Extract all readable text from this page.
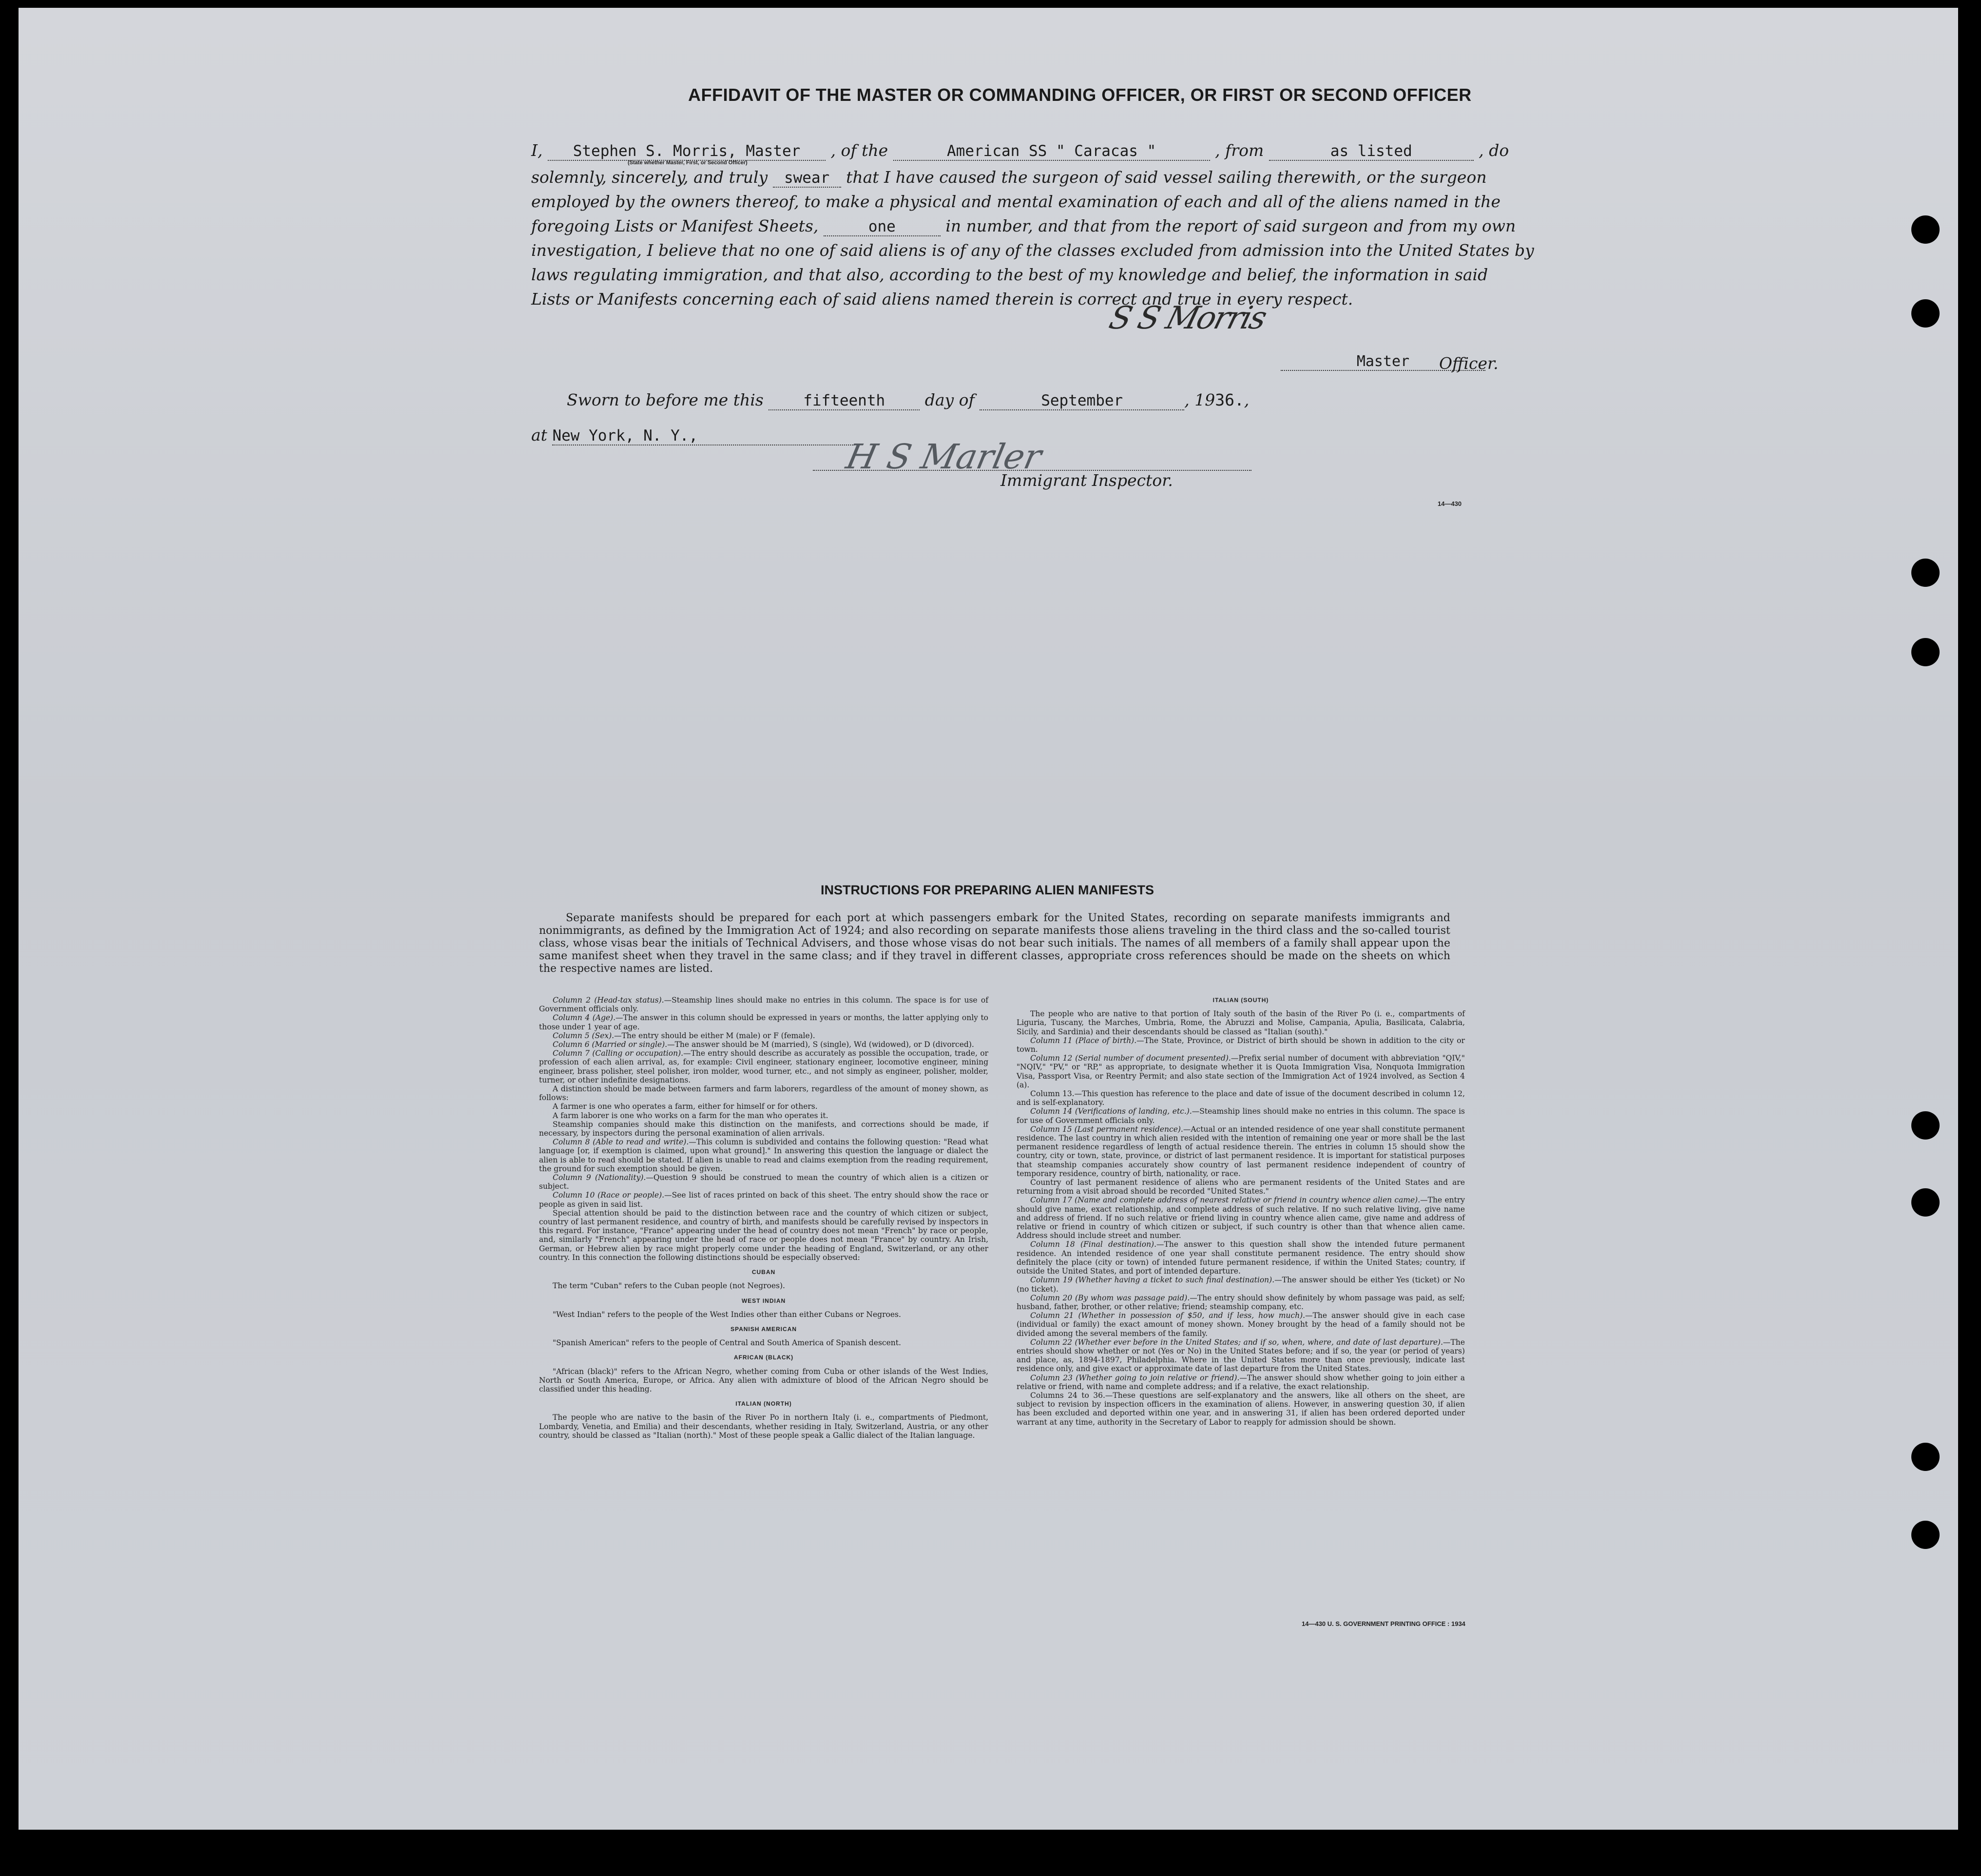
AFFIDAVIT OF THE MASTER OR COMMANDING OFFICER, OR FIRST OR SECOND OFFICER
I, Stephen S. Morris, Master , of the	American SS " Caracas "	, from	as listed	, do
(State whether Master, First, or Second Officer)
solemnly, sincerely, and truly swear that I have caused the surgeon of said vessel sailing therewith, or the surgeon
employed by the owners thereof, to make a physical and mental examination of each and all of the aliens named in the
foregoing Lists or Manifest Sheets,	one	in number, and that from the report of said surgeon and from my own
investigation, I believe that no one of said aliens is of any of the classes excluded from admission into the United States by
laws regulating immigration, and that also, according to the best of my knowledge and belief, the information in said
Lists or Manifests concerning each of said aliens named therein is correct and true in every respect.
S S Morris
Master	Officer.
Sworn to before me this	fifteenth day of	September	, 1936.,
at New York, N. Y.,
H S Marler
Immigrant Inspector.
14—430
INSTRUCTIONS FOR PREPARING ALIEN MANIFESTS
Separate manifests should be prepared for each port at which passengers embark for the United States, recording on separate manifests immigrants and nonimmigrants, as defined by the Immigration Act of 1924; and also recording on separate manifests those aliens traveling in the third class and the so-called tourist class, whose visas bear the initials of Technical Advisers, and those whose visas do not bear such initials. The names of all members of a family shall appear upon the same manifest sheet when they travel in the same class; and if they travel in different classes, appropriate cross references should be made on the sheets on which the respective names are listed.

Column 2 (Head-tax status).—Steamship lines should make no entries in this column. The space is for use of Government officials only.

Column 4 (Age).—The answer in this column should be expressed in years or months, the latter applying only to those under 1 year of age.

Column 5 (Sex).—The entry should be either M (male) or F (female).

Column 6 (Married or single).—The answer should be M (married), S (single), Wd (widowed), or D (divorced).

Column 7 (Calling or occupation).—The entry should describe as accurately as possible the occupation, trade, or profession of each alien arrival, as, for example: Civil engineer, stationary engineer, locomotive engineer, mining engineer, brass polisher, steel polisher, iron molder, wood turner, etc., and not simply as engineer, polisher, molder, turner, or other indefinite designations.

A distinction should be made between farmers and farm laborers, regardless of the amount of money shown, as follows:

A farmer is one who operates a farm, either for himself or for others.

A farm laborer is one who works on a farm for the man who operates it.

Steamship companies should make this distinction on the manifests, and corrections should be made, if necessary, by inspectors during the personal examination of alien arrivals.

Column 8 (Able to read and write).—This column is subdivided and contains the following question: "Read what language [or, if exemption is claimed, upon what ground]." In answering this question the language or dialect the alien is able to read should be stated. If alien is unable to read and claims exemption from the reading requirement, the ground for such exemption should be given.

Column 9 (Nationality).—Question 9 should be construed to mean the country of which alien is a citizen or subject.

Column 10 (Race or people).—See list of races printed on back of this sheet. The entry should show the race or people as given in said list.

Special attention should be paid to the distinction between race and the country of which citizen or subject, country of last permanent residence, and country of birth, and manifests should be carefully revised by inspectors in this regard. For instance, "France" appearing under the head of country does not mean "French" by race or people, and, similarly "French" appearing under the head of race or people does not mean "France" by country. An Irish, German, or Hebrew alien by race might properly come under the heading of England, Switzerland, or any other country. In this connection the following distinctions should be especially observed:

CUBAN

The term "Cuban" refers to the Cuban people (not Negroes).

WEST INDIAN

"West Indian" refers to the people of the West Indies other than either Cubans or Negroes.

SPANISH AMERICAN

"Spanish American" refers to the people of Central and South America of Spanish descent.

AFRICAN (BLACK)

"African (black)" refers to the African Negro, whether coming from Cuba or other islands of the West Indies, North or South America, Europe, or Africa. Any alien with admixture of blood of the African Negro should be classified under this heading.

ITALIAN (NORTH)

The people who are native to the basin of the River Po in northern Italy (i. e., compartments of Piedmont, Lombardy, Venetia, and Emilia) and their descendants, whether residing in Italy, Switzerland, Austria, or any other country, should be classed as "Italian (north)." Most of these people speak a Gallic dialect of the Italian language.

ITALIAN (SOUTH)

The people who are native to that portion of Italy south of the basin of the River Po (i. e., compartments of Liguria, Tuscany, the Marches, Umbria, Rome, the Abruzzi and Molise, Campania, Apulia, Basilicata, Calabria, Sicily, and Sardinia) and their descendants should be classed as "Italian (south)."

Column 11 (Place of birth).—The State, Province, or District of birth should be shown in addition to the city or town.

Column 12 (Serial number of document presented).—Prefix serial number of document with abbreviation "QIV," "NQIV," "PV," or "RP," as appropriate, to designate whether it is Quota Immigration Visa, Nonquota Immigration Visa, Passport Visa, or Reentry Permit; and also state section of the Immigration Act of 1924 involved, as Section 4 (a).

Column 13.—This question has reference to the place and date of issue of the document described in column 12, and is self-explanatory.

Column 14 (Verifications of landing, etc.).—Steamship lines should make no entries in this column. The space is for use of Government officials only.

Column 15 (Last permanent residence).—Actual or an intended residence of one year shall constitute permanent residence. The last country in which alien resided with the intention of remaining one year or more shall be the last permanent residence regardless of length of actual residence therein. The entries in column 15 should show the country, city or town, state, province, or district of last permanent residence. It is important for statistical purposes that steamship companies accurately show country of last permanent residence independent of country of temporary residence, country of birth, nationality, or race.

Country of last permanent residence of aliens who are permanent residents of the United States and are returning from a visit abroad should be recorded "United States."

Column 17 (Name and complete address of nearest relative or friend in country whence alien came).—The entry should give name, exact relationship, and complete address of such relative. If no such relative living, give name and address of friend. If no such relative or friend living in country whence alien came, give name and address of relative or friend in country of which citizen or subject, if such country is other than that whence alien came. Address should include street and number.

Column 18 (Final destination).—The answer to this question shall show the intended future permanent residence. An intended residence of one year shall constitute permanent residence. The entry should show definitely the place (city or town) of intended future permanent residence, if within the United States; country, if outside the United States, and port of intended departure.

Column 19 (Whether having a ticket to such final destination).—The answer should be either Yes (ticket) or No (no ticket).

Column 20 (By whom was passage paid).—The entry should show definitely by whom passage was paid, as self; husband, father, brother, or other relative; friend; steamship company, etc.

Column 21 (Whether in possession of $50, and if less, how much).—The answer should give in each case (individual or family) the exact amount of money shown. Money brought by the head of a family should not be divided among the several members of the family.

Column 22 (Whether ever before in the United States; and if so, when, where, and date of last departure).—The entries should show whether or not (Yes or No) in the United States before; and if so, the year (or period of years) and place, as, 1894-1897, Philadelphia. Where in the United States more than once previously, indicate last residence only, and give exact or approximate date of last departure from the United States.

Column 23 (Whether going to join relative or friend).—The answer should show whether going to join either a relative or friend, with name and complete address; and if a relative, the exact relationship.

Columns 24 to 36.—These questions are self-explanatory and the answers, like all others on the sheet, are subject to revision by inspection officers in the examination of aliens. However, in answering question 30, if alien has been excluded and deported within one year, and in answering 31, if alien has been ordered deported under warrant at any time, authority in the Secretary of Labor to reapply for admission should be shown.

14—430 U. S. GOVERNMENT PRINTING OFFICE : 1934
